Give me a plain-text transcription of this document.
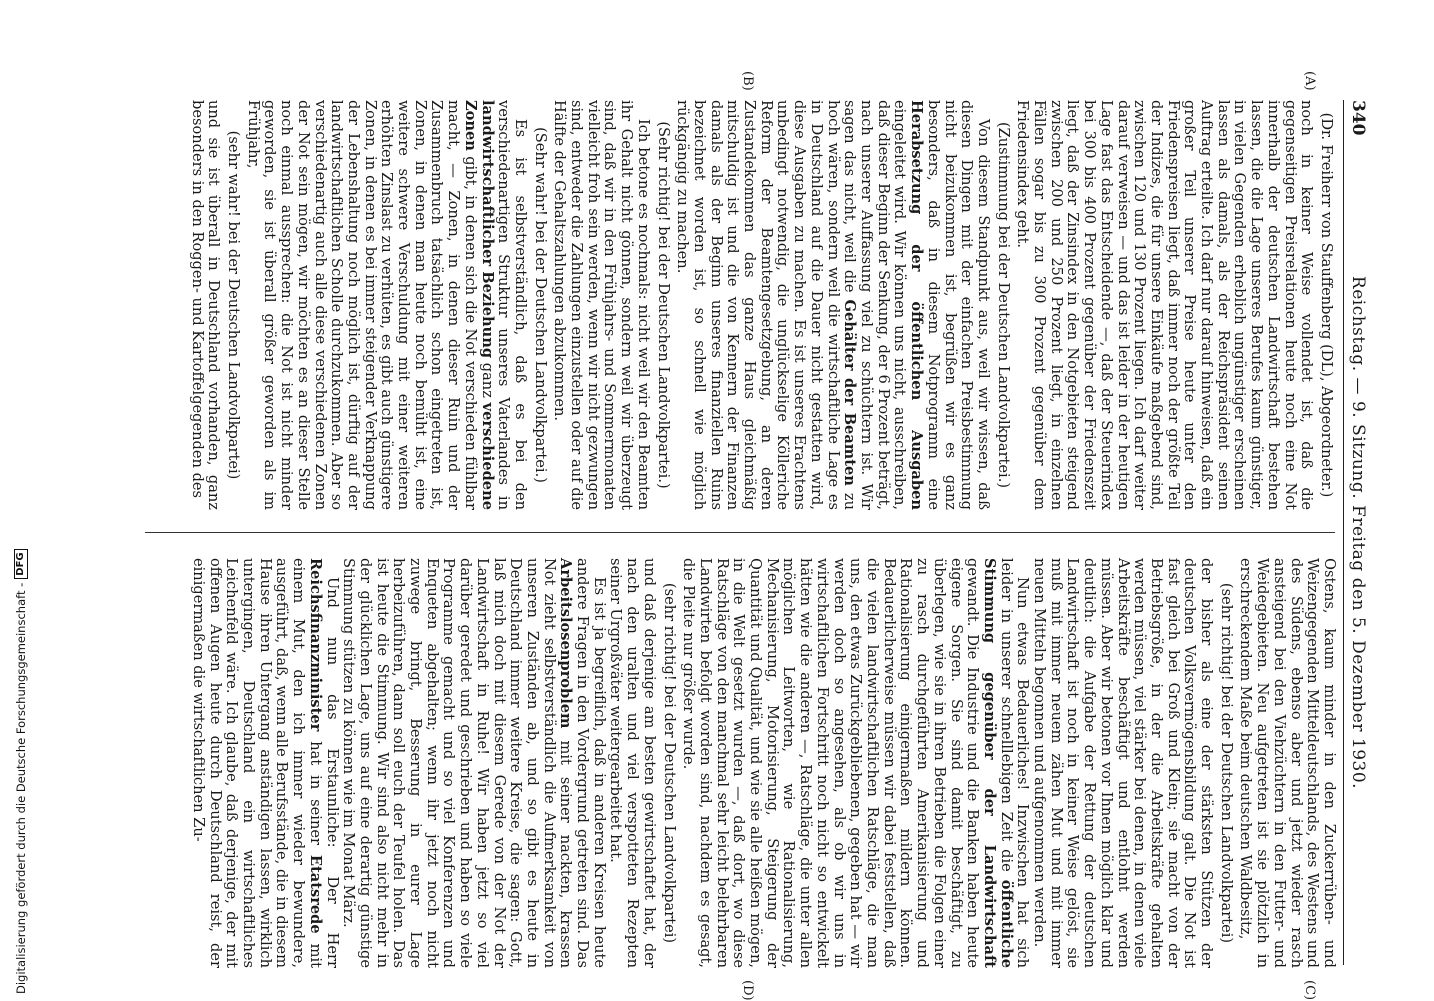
Digitalisierung gefördert durch die Deutsche Forschungsgemeinschaft -
DFG
340
Reichstag. — 9. Sitzung. Freitag den 5. Dezember 1930.
(A)
(B)
(C)
(D)

(Dr. Freiherr von Stauffenberg (DL), Abgeordneter.)

noch in keiner Weise vollendet ist, daß die gegenseitigen Preisrelationen heute noch eine Not innerhalb der deutschen Landwirtschaft bestehen lassen, die die Lage unseres Berufes kaum günstiger, in vielen Gegenden erheblich ungünstiger erscheinen lassen als damals, als der Reichspräsident seinen Auftrag erteilte. Ich darf nur darauf hinweisen, daß ein großer Teil unserer Preise heute unter den Friedenspreisen liegt, daß immer noch der größte Teil der Indizes, die für unsere Einkäufe maßgebend sind, zwischen 120 und 130 Prozent liegen. Ich darf weiter darauf verweisen — und das ist leider in der heutigen Lage fast das Entscheidende —, daß der Steuerindex bei 300 bis 400 Prozent gegenüber der Friedenszeit liegt, daß der Zinsindex in den Notgebieten steigend zwischen 200 und 250 Prozent liegt, in einzelnen Fällen sogar bis zu 300 Prozent gegenüber dem Friedensindex geht.

(Zustimmung bei der Deutschen Landvolkpartei.)

Von diesem Standpunkt aus, weil wir wissen, daß diesen Dingen mit der einfachen Preisbestimmung nicht beizukommen ist, begrüßen wir es ganz besonders, daß in diesem Notprogramm eine Herabsetzung der öffentlichen Ausgaben eingeleitet wird. Wir können uns nicht, ausschreiben, daß dieser Beginn der Senkung, der 6 Prozent beträgt, nach unserer Auffassung viel zu schüchtern ist. Wir sagen das nicht, weil die Gehälter der Beamten zu hoch wären, sondern weil die wirtschaftliche Lage es in Deutschland auf die Dauer nicht gestatten wird, diese Ausgaben zu machen. Es ist unseres Erachtens unbedingt notwendig, die unglückselige Kölleriche Reform der Beamtengesetzgebung, an deren Zustandekommen das ganze Haus gleichmäßig mitschuldig ist und die von Kennern der Finanzen damals als der Beginn unseres finanziellen Ruins bezeichnet worden ist, so schnell wie möglich rückgängig zu machen.

(Sehr richtig! bei der Deutschen Landvolkpartei.)

Ich betone es nochmals: nicht weil wir den Beamten ihr Gehalt nicht gönnen, sondern weil wir überzeugt sind, daß wir in den Frühjahrs- und Sommermonaten vielleicht froh sein werden, wenn wir nicht gezwungen sind, entweder die Zahlungen einzustellen oder auf die Hälfte der Gehaltszahlungen abzukommen.

(Sehr wahr! bei der Deutschen Landvolkpartei.)

Es ist selbstverständlich, daß es bei den verschiedenartigen Struktur unseres Vaterlandes in landwirtschaftlicher Beziehung ganz verschiedene Zonen gibt, in denen sich die Not verschieden fühlbar macht, — Zonen, in denen dieser Ruin und der Zusammenbruch tatsächlich schon eingetreten ist, Zonen, in denen man heute noch bemüht ist, eine weitere schwere Verschuldung mit einer weiteren erhöhten Zinslast zu verhüten, es gibt auch günstigere Zonen, in denen es bei immer steigender Verknappung der Lebenshaltung noch möglich ist, dürftig auf der landwirtschaftlichen Scholle durchzukommen. Aber so verschiedenartig auch alle diese verschiedenen Zonen der Not sein mögen, wir möchten es an dieser Stelle noch einmal aussprechen: die Not ist nicht minder geworden, sie ist überall größer geworden als im Frühjahr,

(sehr wahr! bei der Deutschen Landvolkpartei)

und sie ist überall in Deutschland vorhanden, ganz besonders in den Roggen- und Kartoffelgegenden des

Ostens, kaum minder in den Zuckerrüben- und Weizengegenden Mitteldeutschlands, des Westens und des Südens, ebenso aber und jetzt wieder rasch ansteigend bei den Viehzüchtern in den Futter- und Weidegebieten. Neu aufgetreten ist sie plötzlich in erschreckendem Maße beim deutschen Waldbesitz,

(sehr richtig! bei der Deutschen Landvolkpartei)

der bisher als eine der stärksten Stützen der deutschen Volksvermögensbildung galt. Die Not ist fast gleich bei Groß und Klein; sie macht von der Betriebsgröße, in der die Arbeitskräfte gehalten werden müssen, viel stärker bei denen, in denen viele Arbeitskräfte beschäftigt und entlohnt werden müssen. Aber wir betonen vor Ihnen möglich klar und deutlich: die Aufgabe der Rettung der deutschen Landwirtschaft ist noch in keiner Weise gelöst, sie muß mit immer neuem zähen Mut und mit immer neuen Mitteln begonnen und aufgenommen werden.

Nun etwas Bedauerliches! Inzwischen hat sich leider in unserer schnelllebigen Zeit die öffentliche Stimmung gegenüber der Landwirtschaft gewandt. Die Industrie und die Banken haben heute eigene Sorgen. Sie sind damit beschäftigt, zu überlegen, wie sie in ihren Betrieben die Folgen einer zu rasch durchgeführten Amerikanisierung und Rationalisierung einigermaßen mildern können. Bedauerlicherweise müssen wir dabei feststellen, daß die vielen landwirtschaftlichen Ratschläge, die man uns, den etwas Zurückgebliebenen, gegeben hat — wir werden doch so angesehen, als ob wir uns in wirtschaftlichen Fortschritt noch nicht so entwickelt hätten wie die anderen —, Ratschläge, die unter allen möglichen Leitworten, wie Rationalisierung, Mechanisierung, Motorisierung, Steigerung der Quantität und Qualität, und wie sie alle heißen mögen, in die Welt gesetzt wurden —, daß dort, wo diese Ratschläge von den manchmal sehr leicht belehrbaren Landwirten befolgt worden sind, nachdem es gesagt, die Pleite nur größer wurde.

(sehr richtig! bei der Deutschen Landvolkpartei)

und daß derjenige am besten gewirtschaftet hat, der nach den uralten und viel verspotteten Rezepten seiner Urgroßväter weitergearbeitet hat.

Es ist ja begreiflich, daß in anderen Kreisen heute andere Fragen in den Vordergrund getreten sind. Das Arbeitslosenproblem mit seiner nackten, krassen Not zieht selbstverständlich die Aufmerksamkeit von unseren Zuständen ab, und so gibt es heute in Deutschland immer weitere Kreise, die sagen: Gott, laß mich doch mit diesem Gerede von der Not der Landwirtschaft in Ruhe! Wir haben jetzt so viel darüber geredet und geschrieben und haben so viele Programme gemacht und so viel Konferenzen und Enqueten abgehalten; wenn ihr jetzt noch nicht zuwege bringt, Besserung in eurer Lage herbeizuführen, dann soll euch der Teufel holen. Das ist heute die Stimmung. Wir sind also nicht mehr in der glücklichen Lage, uns auf eine derartig günstige Stimmung stützen zu können wie im Monat März.

Und nun das Erstaunliche: Der Herr Reichsfinanzminister hat in seiner Etatsrede mit einem Mut, den ich immer wieder bewundere, ausgeführt, daß, wenn alle Berufsstände, die in diesem Hause ihren Untergang anständigen lassen, wirklich untergingen, Deutschland ein wirtschaftliches Leichenfeld wäre. Ich glaube, daß derjenige, der mit offenen Augen heute durch Deutschland reist, der einigermaßen die wirtschaftlichen Zu-
